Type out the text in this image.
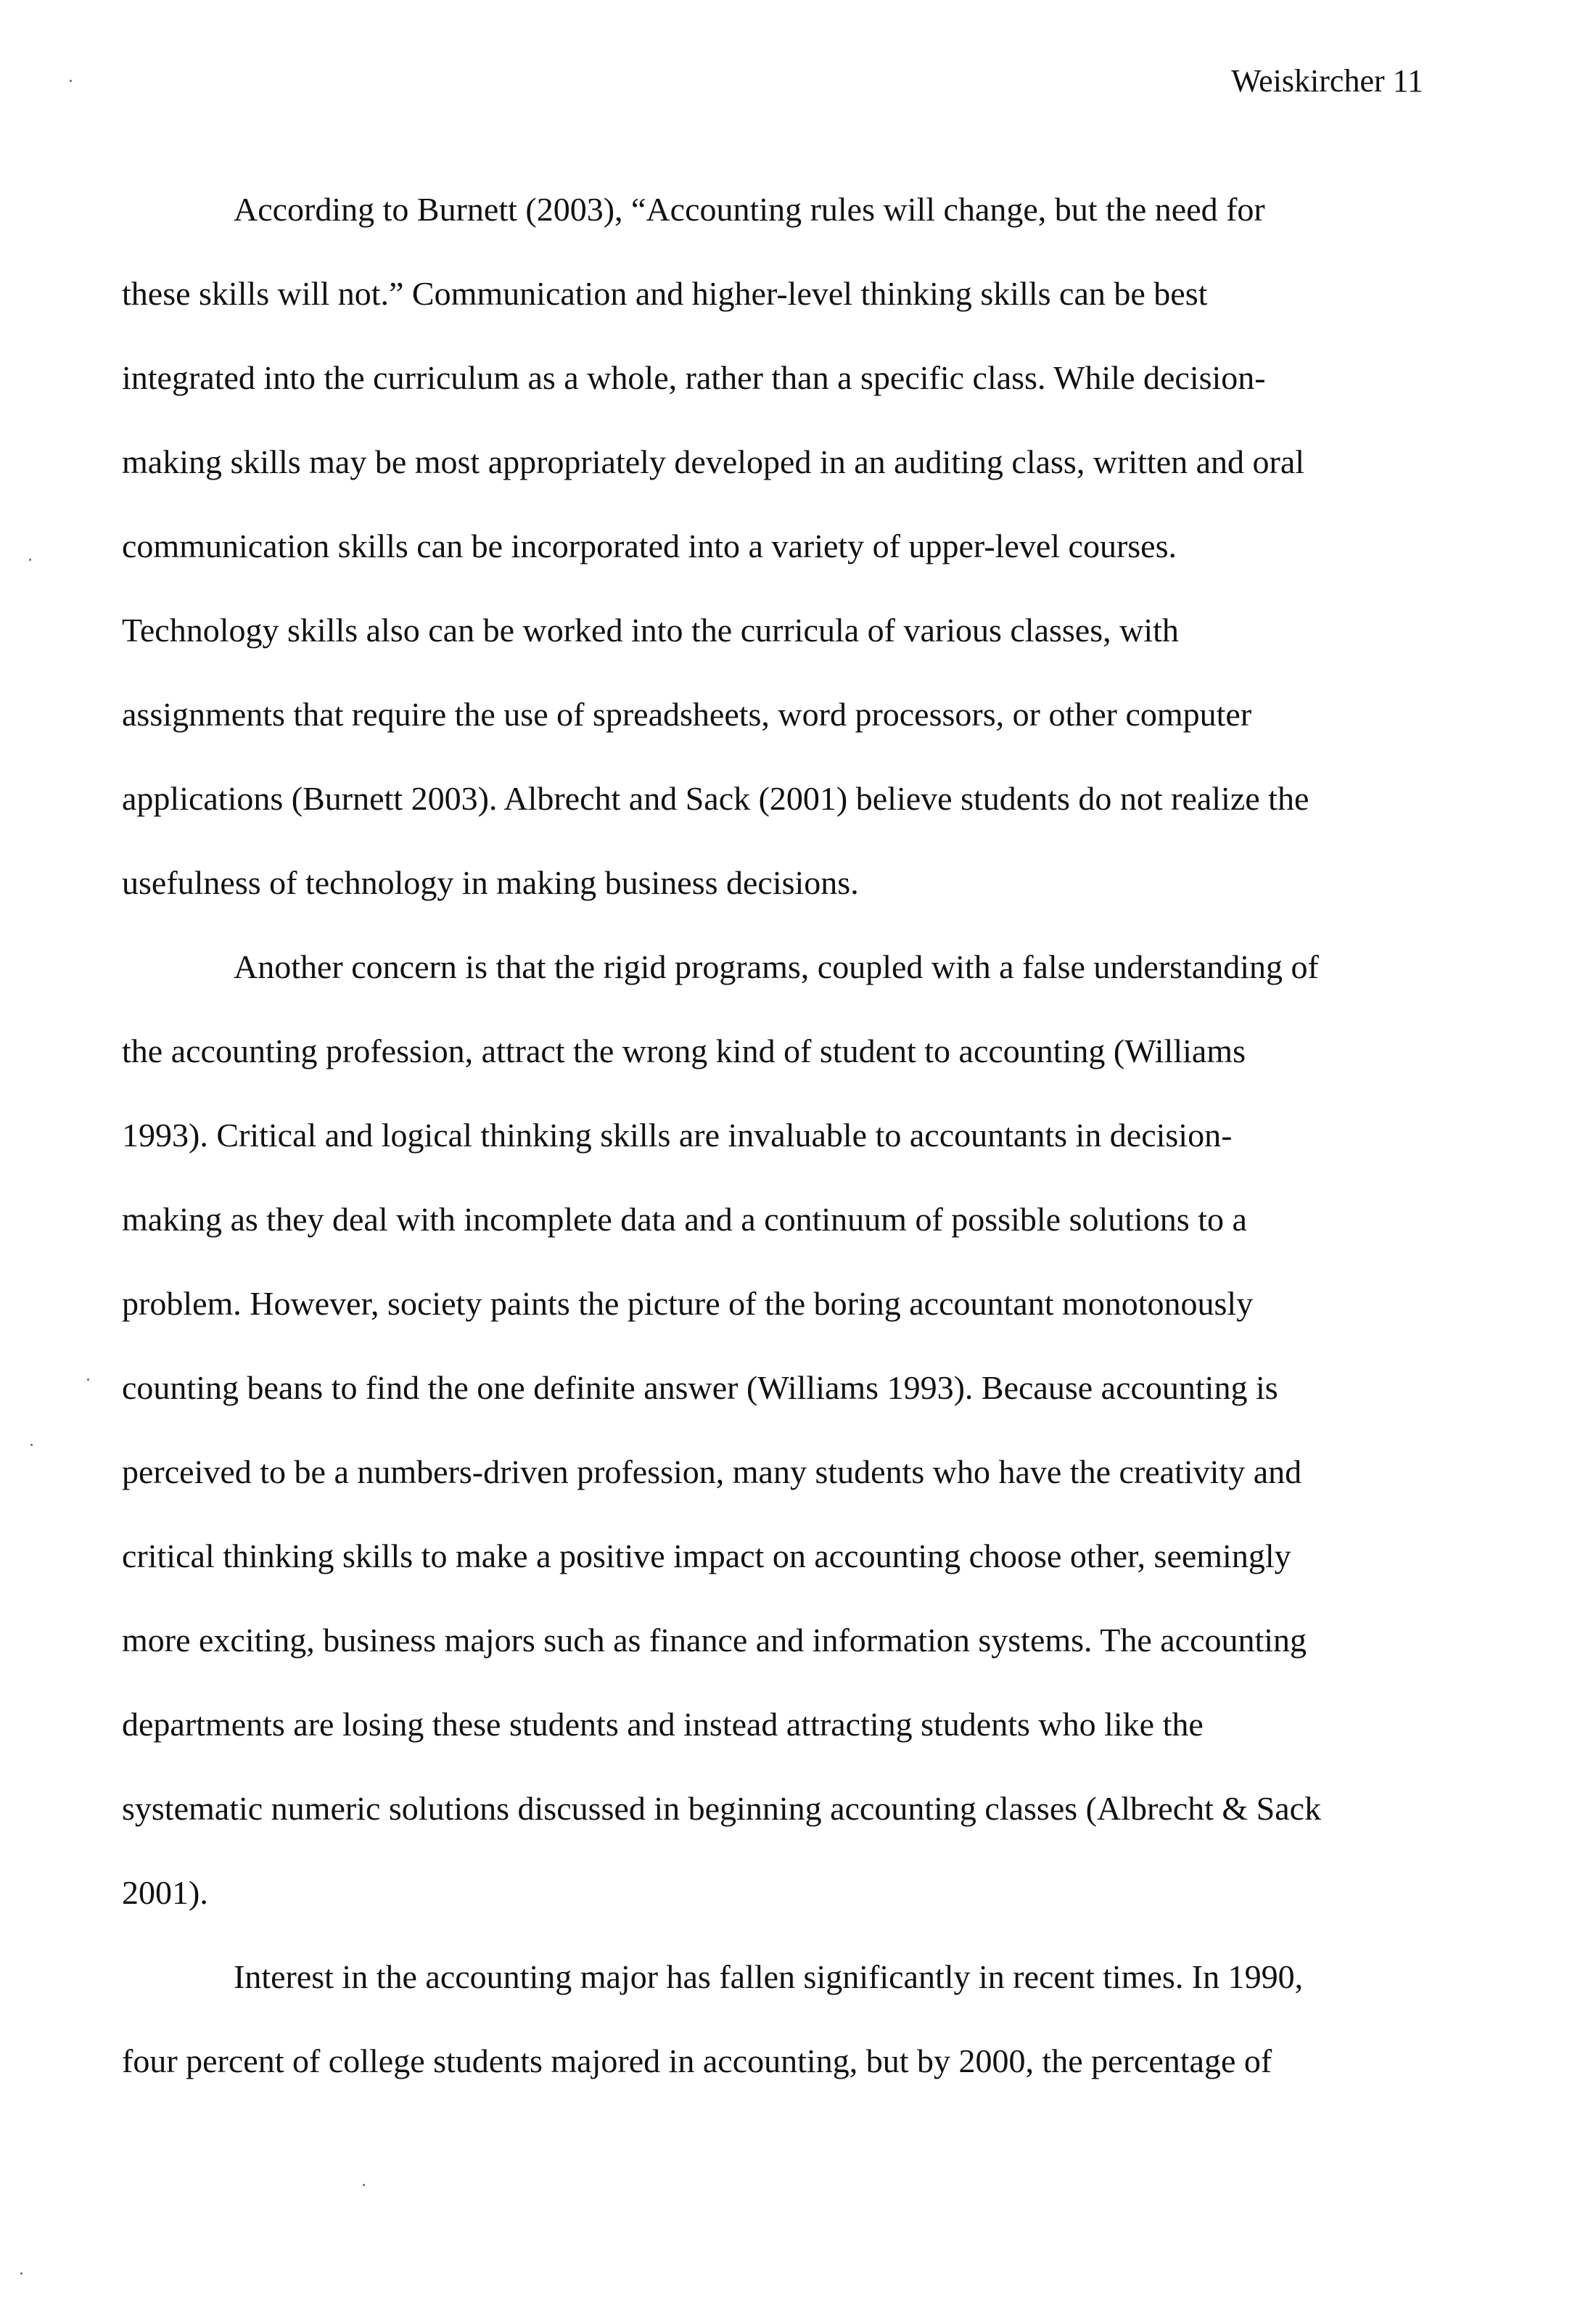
Weiskircher 11
According to Burnett (2003), “Accounting rules will change, but the need for
these skills will not.” Communication and higher-level thinking skills can be best
integrated into the curriculum as a whole, rather than a specific class. While decision-
making skills may be most appropriately developed in an auditing class, written and oral
communication skills can be incorporated into a variety of upper-level courses.
Technology skills also can be worked into the curricula of various classes, with
assignments that require the use of spreadsheets, word processors, or other computer
applications (Burnett 2003). Albrecht and Sack (2001) believe students do not realize the
usefulness of technology in making business decisions.
Another concern is that the rigid programs, coupled with a false understanding of
the accounting profession, attract the wrong kind of student to accounting (Williams
1993). Critical and logical thinking skills are invaluable to accountants in decision-
making as they deal with incomplete data and a continuum of possible solutions to a
problem. However, society paints the picture of the boring accountant monotonously
counting beans to find the one definite answer (Williams 1993). Because accounting is
perceived to be a numbers-driven profession, many students who have the creativity and
critical thinking skills to make a positive impact on accounting choose other, seemingly
more exciting, business majors such as finance and information systems. The accounting
departments are losing these students and instead attracting students who like the
systematic numeric solutions discussed in beginning accounting classes (Albrecht & Sack
2001).
Interest in the accounting major has fallen significantly in recent times. In 1990,
four percent of college students majored in accounting, but by 2000, the percentage of
